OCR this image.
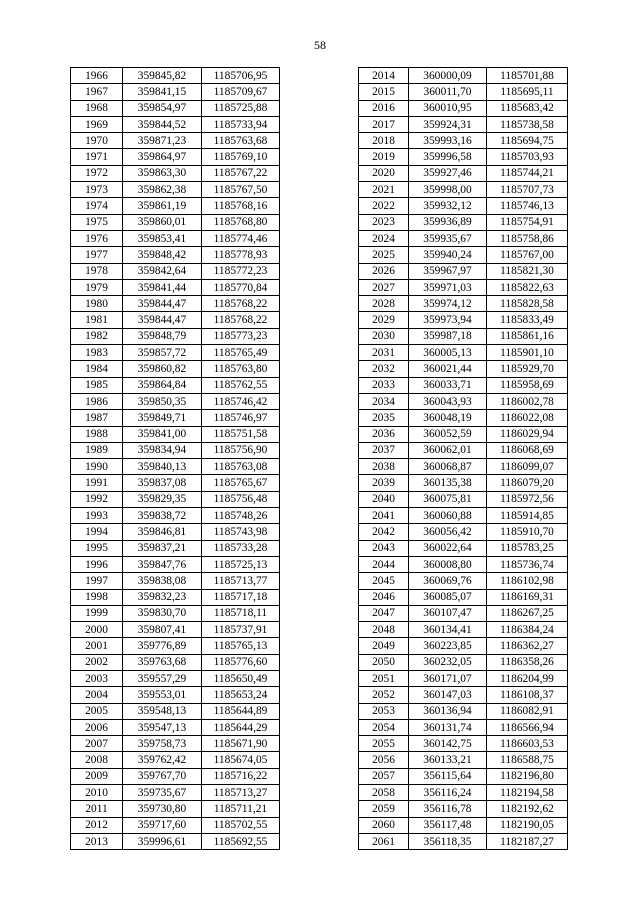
58
1966	359845,82	1185706,95
1967	359841,15	1185709,67
1968	359854,97	1185725,88
1969	359844,52	1185733,94
1970	359871,23	1185763,68
1971	359864,97	1185769,10
1972	359863,30	1185767,22
1973	359862,38	1185767,50
1974	359861,19	1185768,16
1975	359860,01	1185768,80
1976	359853,41	1185774,46
1977	359848,42	1185778,93
1978	359842,64	1185772,23
1979	359841,44	1185770,84
1980	359844,47	1185768,22
1981	359844,47	1185768,22
1982	359848,79	1185773,23
1983	359857,72	1185765,49
1984	359860,82	1185763,80
1985	359864,84	1185762,55
1986	359850,35	1185746,42
1987	359849,71	1185746,97
1988	359841,00	1185751,58
1989	359834,94	1185756,90
1990	359840,13	1185763,08
1991	359837,08	1185765,67
1992	359829,35	1185756,48
1993	359838,72	1185748,26
1994	359846,81	1185743,98
1995	359837,21	1185733,28
1996	359847,76	1185725,13
1997	359838,08	1185713,77
1998	359832,23	1185717,18
1999	359830,70	1185718,11
2000	359807,41	1185737,91
2001	359776,89	1185765,13
2002	359763,68	1185776,60
2003	359557,29	1185650,49
2004	359553,01	1185653,24
2005	359548,13	1185644,89
2006	359547,13	1185644,29
2007	359758,73	1185671,90
2008	359762,42	1185674,05
2009	359767,70	1185716,22
2010	359735,67	1185713,27
2011	359730,80	1185711,21
2012	359717,60	1185702,55
2013	359996,61	1185692,55
2014	360000,09	1185701,88
2015	360011,70	1185695,11
2016	360010,95	1185683,42
2017	359924,31	1185738,58
2018	359993,16	1185694,75
2019	359996,58	1185703,93
2020	359927,46	1185744,21
2021	359998,00	1185707,73
2022	359932,12	1185746,13
2023	359936,89	1185754,91
2024	359935,67	1185758,86
2025	359940,24	1185767,00
2026	359967,97	1185821,30
2027	359971,03	1185822,63
2028	359974,12	1185828,58
2029	359973,94	1185833,49
2030	359987,18	1185861,16
2031	360005,13	1185901,10
2032	360021,44	1185929,70
2033	360033,71	1185958,69
2034	360043,93	1186002,78
2035	360048,19	1186022,08
2036	360052,59	1186029,94
2037	360062,01	1186068,69
2038	360068,87	1186099,07
2039	360135,38	1186079,20
2040	360075,81	1185972,56
2041	360060,88	1185914,85
2042	360056,42	1185910,70
2043	360022,64	1185783,25
2044	360008,80	1185736,74
2045	360069,76	1186102,98
2046	360085,07	1186169,31
2047	360107,47	1186267,25
2048	360134,41	1186384,24
2049	360223,85	1186362,27
2050	360232,05	1186358,26
2051	360171,07	1186204,99
2052	360147,03	1186108,37
2053	360136,94	1186082,91
2054	360131,74	1186566,94
2055	360142,75	1186603,53
2056	360133,21	1186588,75
2057	356115,64	1182196,80
2058	356116,24	1182194,58
2059	356116,78	1182192,62
2060	356117,48	1182190,05
2061	356118,35	1182187,27
